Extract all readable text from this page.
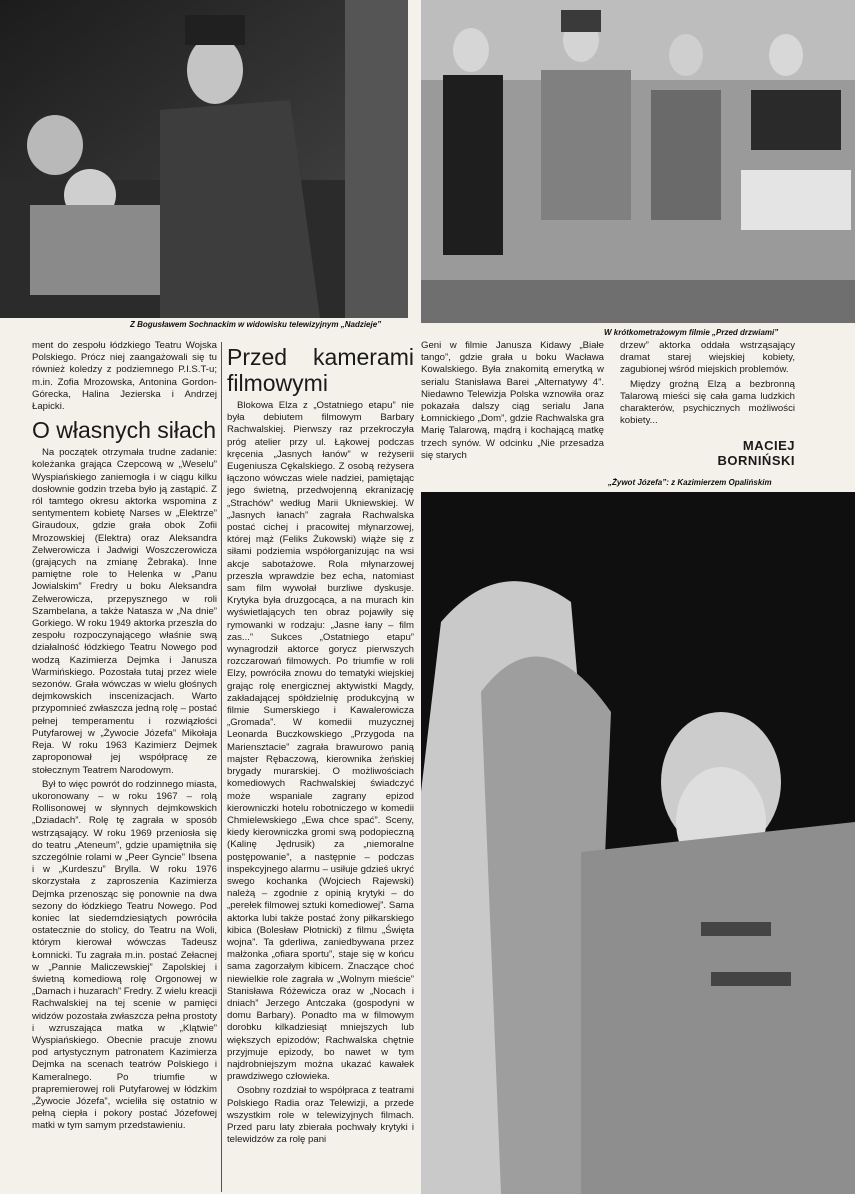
Z Bogusławem Sochnackim w widowisku telewizyjnym „Nadzieje”
W krótkometrażowym filmie „Przed drzwiami”
„Żywot Józefa”: z Kazimierzem Opalińskim

ment do zespołu łódzkiego Teatru Wojska Polskiego. Prócz niej zaangażowali się tu również koledzy z podziemnego P.I.S.T-u; m.in. Zofia Mrozowska, Antonina Gordon-Górecka, Halina Jezierska i Andrzej Łapicki.

O własnych siłach

Na początek otrzymała trudne zadanie: koleżanka grająca Czepcową w „Weselu” Wyspiańskiego zaniemogła i w ciągu kilku dosłownie godzin trzeba było ją zastąpić. Z ról tamtego okresu aktorka wspomina z sentymentem kobietę Narses w „Elektrze” Giraudoux, gdzie grała obok Zofii Mrozowskiej (Elektra) oraz Aleksandra Zelwerowicza i Jadwigi Woszczerowicza (grających na zmianę Żebraka). Inne pamiętne role to Helenka w „Panu Jowialskim” Fredry u boku Aleksandra Zelwerowicza, przepysznego w roli Szambelana, a także Natasza w „Na dnie” Gorkiego. W roku 1949 aktorka przeszła do zespołu rozpoczynającego właśnie swą działalność łódzkiego Teatru Nowego pod wodzą Kazimierza Dejmka i Janusza Warmińskiego. Pozostała tutaj przez wiele sezonów. Grała wówczas w wielu głośnych dejmkowskich inscenizacjach. Warto przypomnieć zwłaszcza jedną rolę – postać pełnej temperamentu i rozwiązłości Putyfarowej w „Żywocie Józefa” Mikołaja Reja. W roku 1963 Kazimierz Dejmek zaproponował jej współpracę ze stołecznym Teatrem Narodowym.

Był to więc powrót do rodzinnego miasta, ukoronowany – w roku 1967 – rolą Rollisonowej w słynnych dejmkowskich „Dziadach”. Rolę tę zagrała w sposób wstrząsający. W roku 1969 przeniosła się do teatru „Ateneum”, gdzie upamiętniła się szczególnie rolami w „Peer Gyncie” Ibsena i w „Kurdeszu” Brylla. W roku 1976 skorzystała z zaproszenia Kazimierza Dejmka przenosząc się ponownie na dwa sezony do łódzkiego Teatru Nowego. Pod koniec lat siedemdziesiątych powróciła ostatecznie do stolicy, do Teatru na Woli, którym kierował wówczas Tadeusz Łomnicki. Tu zagrała m.in. postać Zełacnej w „Pannie Maliczewskiej” Zapolskiej i świetną komediową rolę Orgonowej w „Damach i huzarach” Fredry. Z wielu kreacji Rachwalskiej na tej scenie w pamięci widzów pozostała zwłaszcza pełna prostoty i wzruszająca matka w „Klątwie” Wyspiańskiego. Obecnie pracuje znowu pod artystycznym patronatem Kazimierza Dejmka na scenach teatrów Polskiego i Kameralnego. Po triumfie w prapremierowej roli Putyfarowej w łódzkim „Żywocie Józefa”, wcieliła się ostatnio w pełną ciepła i pokory postać Józefowej matki w tym samym przedstawieniu.

Przed kamerami filmowymi

Blokowa Elza z „Ostatniego etapu” nie była debiutem filmowym Barbary Rachwalskiej. Pierwszy raz przekroczyła próg atelier przy ul. Łąkowej podczas kręcenia „Jasnych łanów” w reżyserii Eugeniusza Cękalskiego. Z osobą reżysera łączono wówczas wiele nadziei, pamiętając jego świetną, przedwojenną ekranizację „Strachów” według Marii Ukniewskiej. W „Jasnych łanach” zagrała Rachwalska postać cichej i pracowitej młynarzowej, której mąż (Feliks Żukowski) wiąże się z siłami podziemia współorganizując na wsi akcje sabotażowe. Rola młynarzowej przeszła wprawdzie bez echa, natomiast sam film wywołał burzliwe dyskusje. Krytyka była druzgocąca, a na murach kin wyświetlających ten obraz pojawiły się rymowanki w rodzaju: „Jasne łany – film zas...” Sukces „Ostatniego etapu” wynagrodził aktorce gorycz pierwszych rozczarowań filmowych. Po triumfie w roli Elzy, powróciła znowu do tematyki wiejskiej grając rolę energicznej aktywistki Magdy, zakładającej spółdzielnię produkcyjną w filmie Sumerskiego i Kawalerowicza „Gromada”. W komedii muzycznej Leonarda Buczkowskiego „Przygoda na Mariensztacie” zagrała brawurowo panią majster Rębaczową, kierownika żeńskiej brygady murarskiej. O możliwościach komediowych Rachwalskiej świadczyć może wspaniale zagrany epizod kierowniczki hotelu robotniczego w komedii Chmielewskiego „Ewa chce spać”. Sceny, kiedy kierowniczka gromi swą podopieczną (Kalinę Jędrusik) za „niemoralne postępowanie”, a następnie – podczas inspekcyjnego alarmu – usiłuje gdzieś ukryć swego kochanka (Wojciech Rajewski) należą – zgodnie z opinią krytyki – do „perełek filmowej sztuki komediowej”. Sama aktorka lubi także postać żony piłkarskiego kibica (Bolesław Płotnicki) z filmu „Święta wojna”. Ta gderliwa, zaniedbywana przez małżonka „ofiara sportu”, staje się w końcu sama zagorzałym kibicem. Znaczące choć niewielkie role zagrała w „Wolnym mieście” Stanisława Różewicza oraz w „Nocach i dniach” Jerzego Antczaka (gospodyni w domu Barbary). Ponadto ma w filmowym dorobku kilkadziesiąt mniejszych lub większych epizodów; Rachwalska chętnie przyjmuje epizody, bo nawet w tym najdrobniejszym można ukazać kawałek prawdziwego człowieka.

Osobny rozdział to współpraca z teatrami Polskiego Radia oraz Telewizji, a przede wszystkim role w telewizyjnych filmach. Przed paru laty zbierała pochwały krytyki i telewidzów za rolę pani

Geni w filmie Janusza Kidawy „Białe tango”, gdzie grała u boku Wacława Kowalskiego. Była znakomitą emerytką w serialu Stanisława Barei „Alternatywy 4”. Niedawno Telewizja Polska wznowiła oraz pokazała dalszy ciąg serialu Jana Łomnickiego „Dom”, gdzie Rachwalska gra Marię Talarową, mądrą i kochającą matkę trzech synów. W odcinku „Nie przesadza się starych

drzew” aktorka oddała wstrząsający dramat starej wiejskiej kobiety, zagubionej wśród miejskich problemów.

Między groźną Elzą a bezbronną Talarową mieści się cała gama ludzkich charakterów, psychicznych możliwości kobiety...

MACIEJ
BORNIŃSKI
